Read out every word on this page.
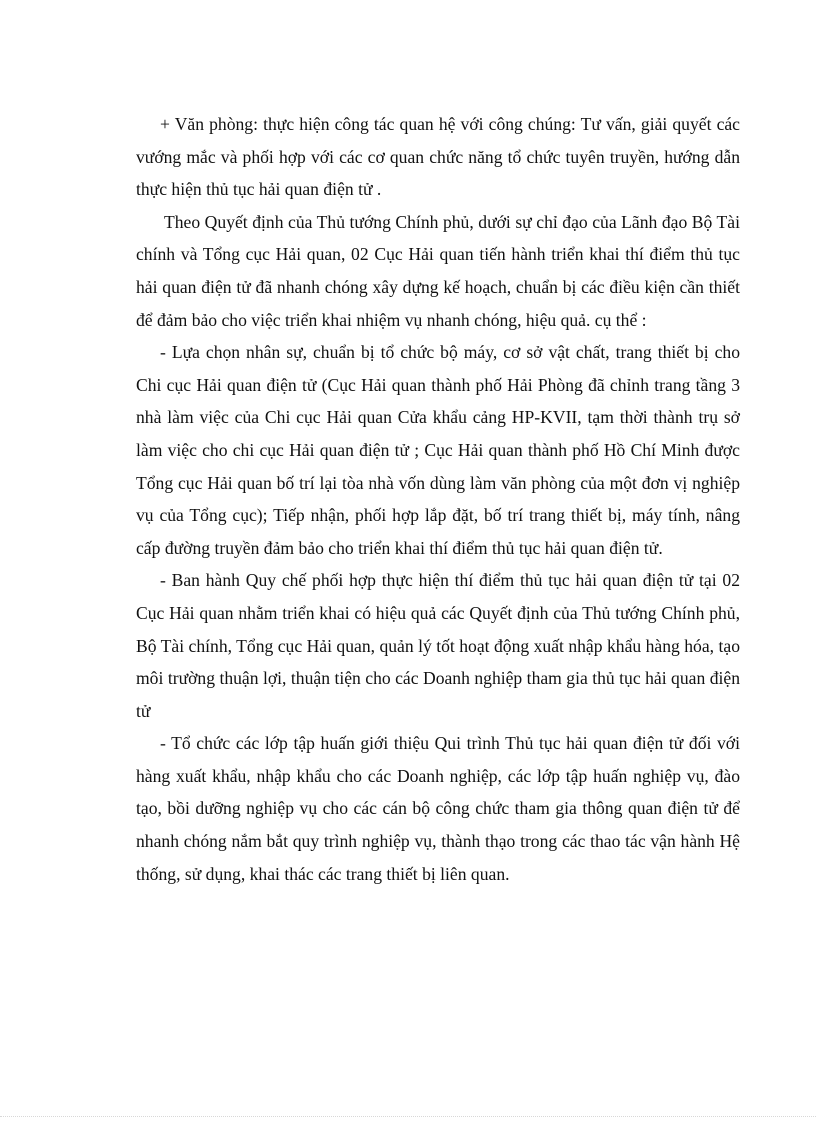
+ Văn phòng: thực hiện công tác quan hệ với công chúng: Tư vấn, giải quyết các vướng mắc và phối hợp với các cơ quan chức năng tổ chức tuyên truyền, hướng dẫn thực hiện thủ tục hải quan điện tử .

Theo Quyết định của Thủ tướng Chính phủ, dưới sự chỉ đạo của Lãnh đạo Bộ Tài chính và Tổng cục Hải quan, 02 Cục Hải quan tiến hành triển khai thí điểm thủ tục hải quan điện tử đã nhanh chóng xây dựng kế hoạch, chuẩn bị các điều kiện cần thiết để đảm bảo cho việc triển khai nhiệm vụ nhanh chóng, hiệu quả. cụ thể :

- Lựa chọn nhân sự, chuẩn bị tổ chức bộ máy, cơ sở vật chất, trang thiết bị cho Chi cục Hải quan điện tử (Cục Hải quan thành phố Hải Phòng đã chỉnh trang tầng 3 nhà làm việc của Chi cục Hải quan Cửa khẩu cảng HP-KVII, tạm thời thành trụ sở làm việc cho chi cục Hải quan điện tử ; Cục Hải quan thành phố Hồ Chí Minh được Tổng cục Hải quan bố trí lại tòa nhà vốn dùng làm văn phòng của một đơn vị nghiệp vụ của Tổng cục); Tiếp nhận, phối hợp lắp đặt, bố trí trang thiết bị, máy tính, nâng cấp đường truyền đảm bảo cho triển khai thí điểm thủ tục hải quan điện tử.

- Ban hành Quy chế phối hợp thực hiện thí điểm thủ tục hải quan điện tử tại 02 Cục Hải quan nhằm triển khai có hiệu quả các Quyết định của Thủ tướng Chính phủ, Bộ Tài chính, Tổng cục Hải quan, quản lý tốt hoạt động xuất nhập khẩu hàng hóa, tạo môi trường thuận lợi, thuận tiện cho các Doanh nghiệp tham gia thủ tục hải quan điện tử

- Tổ chức các lớp tập huấn giới thiệu Qui trình Thủ tục hải quan điện tử đối với hàng xuất khẩu, nhập khẩu cho các Doanh nghiệp, các lớp tập huấn nghiệp vụ, đào tạo, bồi dưỡng nghiệp vụ cho các cán bộ công chức tham gia thông quan điện tử để nhanh chóng nắm bắt quy trình nghiệp vụ, thành thạo trong các thao tác vận hành Hệ thống, sử dụng, khai thác các trang thiết bị liên quan.
